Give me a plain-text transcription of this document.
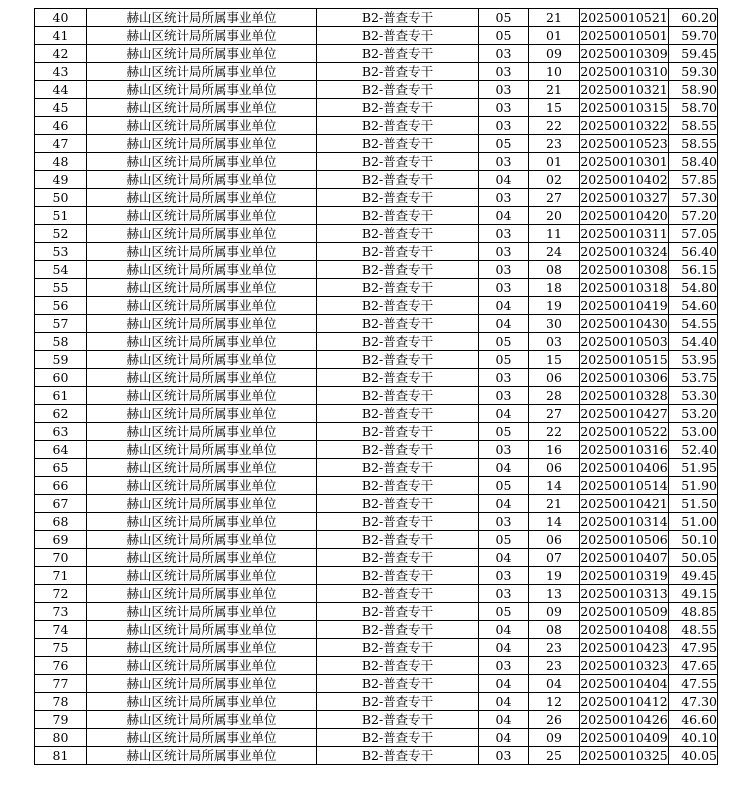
40	赫山区统计局所属事业单位	B2-普查专干	05	21	20250010521	60.20
41	赫山区统计局所属事业单位	B2-普查专干	05	01	20250010501	59.70
42	赫山区统计局所属事业单位	B2-普查专干	03	09	20250010309	59.45
43	赫山区统计局所属事业单位	B2-普查专干	03	10	20250010310	59.30
44	赫山区统计局所属事业单位	B2-普查专干	03	21	20250010321	58.90
45	赫山区统计局所属事业单位	B2-普查专干	03	15	20250010315	58.70
46	赫山区统计局所属事业单位	B2-普查专干	03	22	20250010322	58.55
47	赫山区统计局所属事业单位	B2-普查专干	05	23	20250010523	58.55
48	赫山区统计局所属事业单位	B2-普查专干	03	01	20250010301	58.40
49	赫山区统计局所属事业单位	B2-普查专干	04	02	20250010402	57.85
50	赫山区统计局所属事业单位	B2-普查专干	03	27	20250010327	57.30
51	赫山区统计局所属事业单位	B2-普查专干	04	20	20250010420	57.20
52	赫山区统计局所属事业单位	B2-普查专干	03	11	20250010311	57.05
53	赫山区统计局所属事业单位	B2-普查专干	03	24	20250010324	56.40
54	赫山区统计局所属事业单位	B2-普查专干	03	08	20250010308	56.15
55	赫山区统计局所属事业单位	B2-普查专干	03	18	20250010318	54.80
56	赫山区统计局所属事业单位	B2-普查专干	04	19	20250010419	54.60
57	赫山区统计局所属事业单位	B2-普查专干	04	30	20250010430	54.55
58	赫山区统计局所属事业单位	B2-普查专干	05	03	20250010503	54.40
59	赫山区统计局所属事业单位	B2-普查专干	05	15	20250010515	53.95
60	赫山区统计局所属事业单位	B2-普查专干	03	06	20250010306	53.75
61	赫山区统计局所属事业单位	B2-普查专干	03	28	20250010328	53.30
62	赫山区统计局所属事业单位	B2-普查专干	04	27	20250010427	53.20
63	赫山区统计局所属事业单位	B2-普查专干	05	22	20250010522	53.00
64	赫山区统计局所属事业单位	B2-普查专干	03	16	20250010316	52.40
65	赫山区统计局所属事业单位	B2-普查专干	04	06	20250010406	51.95
66	赫山区统计局所属事业单位	B2-普查专干	05	14	20250010514	51.90
67	赫山区统计局所属事业单位	B2-普查专干	04	21	20250010421	51.50
68	赫山区统计局所属事业单位	B2-普查专干	03	14	20250010314	51.00
69	赫山区统计局所属事业单位	B2-普查专干	05	06	20250010506	50.10
70	赫山区统计局所属事业单位	B2-普查专干	04	07	20250010407	50.05
71	赫山区统计局所属事业单位	B2-普查专干	03	19	20250010319	49.45
72	赫山区统计局所属事业单位	B2-普查专干	03	13	20250010313	49.15
73	赫山区统计局所属事业单位	B2-普查专干	05	09	20250010509	48.85
74	赫山区统计局所属事业单位	B2-普查专干	04	08	20250010408	48.55
75	赫山区统计局所属事业单位	B2-普查专干	04	23	20250010423	47.95
76	赫山区统计局所属事业单位	B2-普查专干	03	23	20250010323	47.65
77	赫山区统计局所属事业单位	B2-普查专干	04	04	20250010404	47.55
78	赫山区统计局所属事业单位	B2-普查专干	04	12	20250010412	47.30
79	赫山区统计局所属事业单位	B2-普查专干	04	26	20250010426	46.60
80	赫山区统计局所属事业单位	B2-普查专干	04	09	20250010409	40.10
81	赫山区统计局所属事业单位	B2-普查专干	03	25	20250010325	40.05
